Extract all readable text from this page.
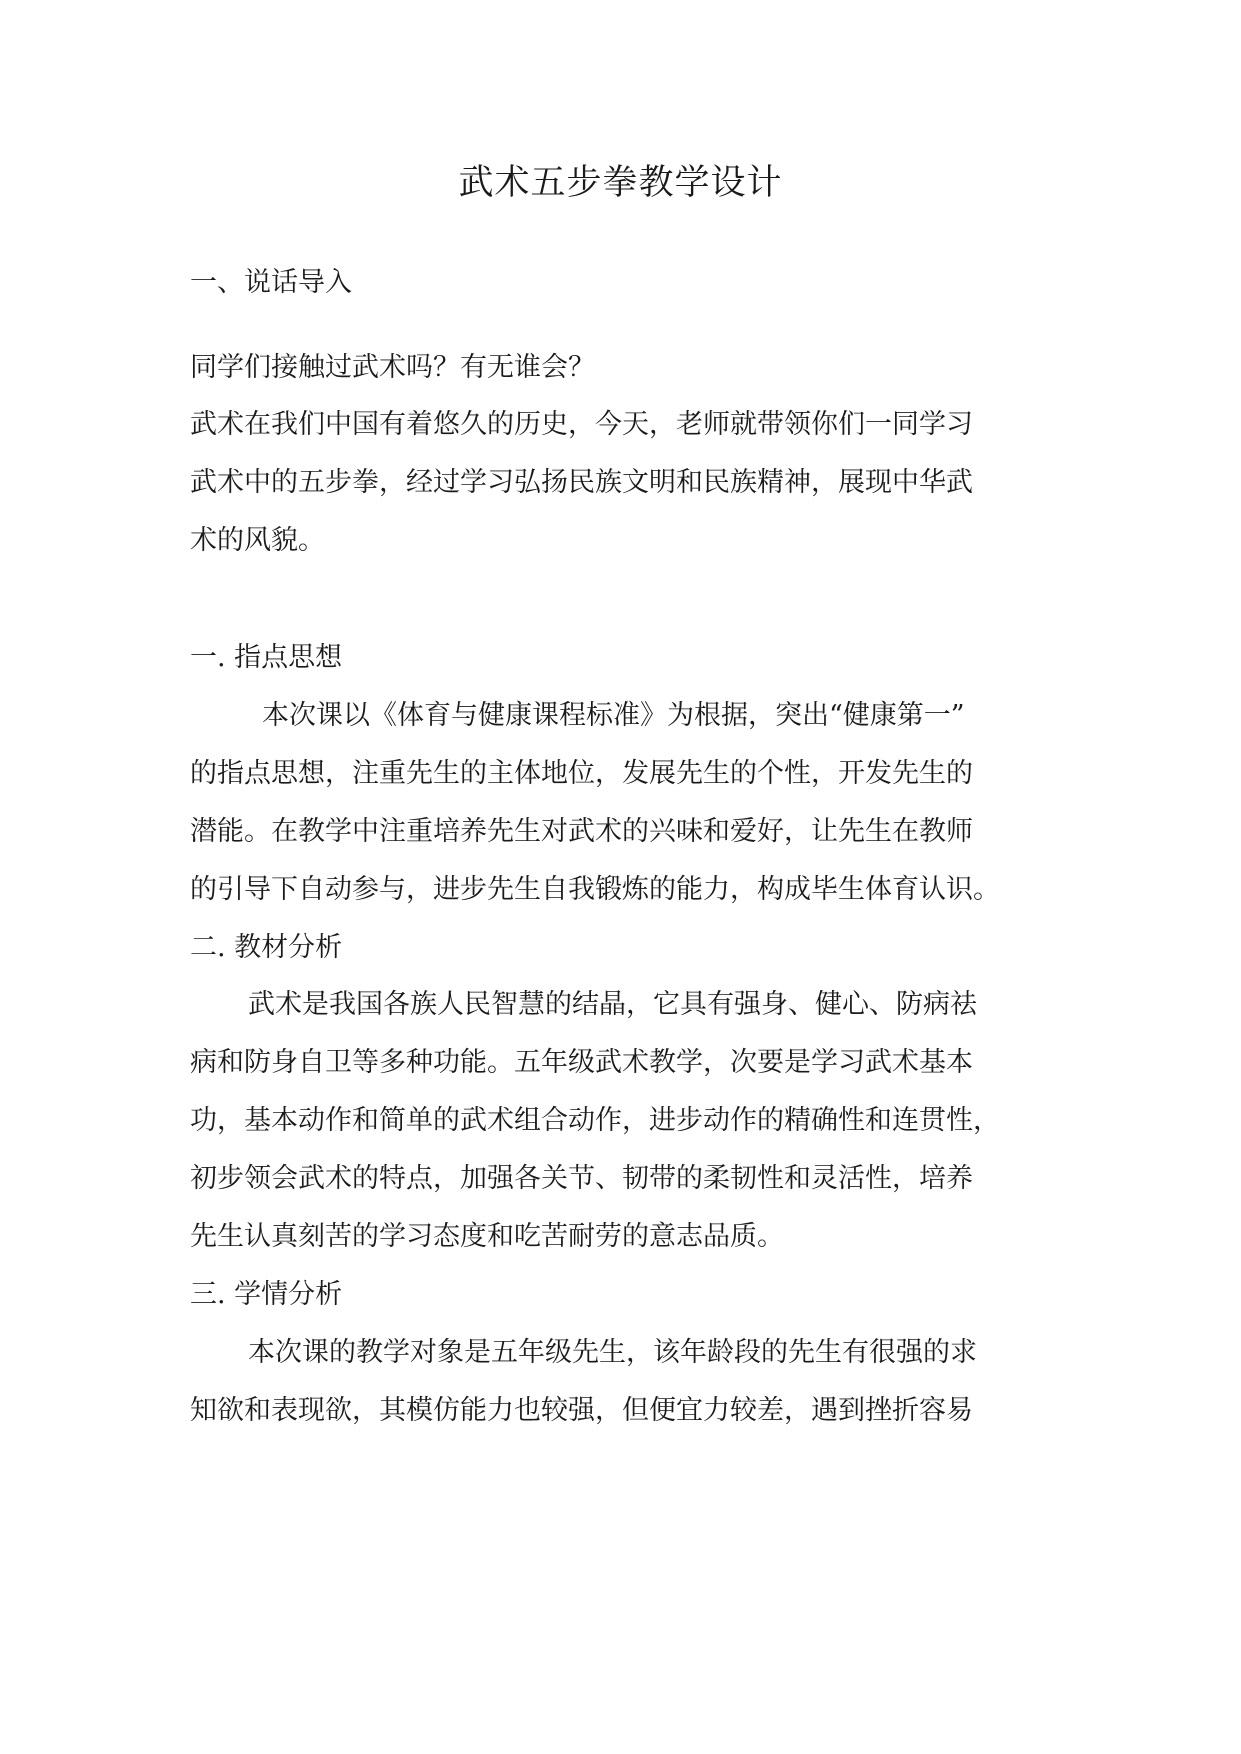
武术五步拳教学设计
一、说话导入
同学们接触过武术吗？有无谁会？
武术在我们中国有着悠久的历史，今天，老师就带领你们一同学习
武术中的五步拳，经过学习弘扬民族文明和民族精神，展现中华武
术的风貌。
一. 指点思想
本次课以《体育与健康课程标准》为根据，突出“健康第一”
的指点思想，注重先生的主体地位，发展先生的个性，开发先生的
潜能。在教学中注重培养先生对武术的兴味和爱好，让先生在教师
的引导下自动参与，进步先生自我锻炼的能力，构成毕生体育认识。
二. 教材分析
武术是我国各族人民智慧的结晶，它具有强身、健心、防病祛
病和防身自卫等多种功能。五年级武术教学，次要是学习武术基本
功，基本动作和简单的武术组合动作，进步动作的精确性和连贯性，
初步领会武术的特点，加强各关节、韧带的柔韧性和灵活性，培养
先生认真刻苦的学习态度和吃苦耐劳的意志品质。
三. 学情分析
本次课的教学对象是五年级先生，该年龄段的先生有很强的求
知欲和表现欲，其模仿能力也较强，但便宜力较差，遇到挫折容易
